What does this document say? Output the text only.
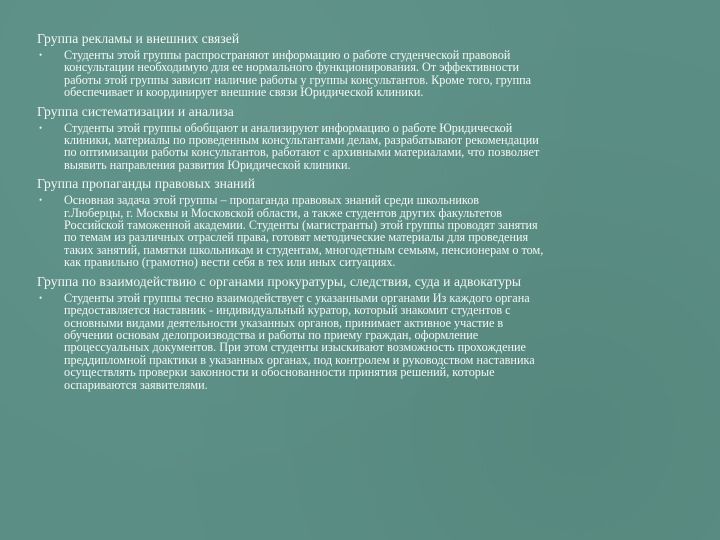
Группа рекламы и внешних связей
• Студенты этой группы распространяют информацию о работе студенческой правовой
консультации необходимую для ее нормального функционирования. От эффективности
работы этой группы зависит наличие работы у группы консультантов. Кроме того, группа
обеспечивает и координирует внешние связи Юридической клиники.
Группа систематизации и анализа
• Студенты этой группы обобщают и анализируют информацию о работе Юридической
клиники, материалы по проведенным консультантами делам, разрабатывают рекомендации
по оптимизации работы консультантов, работают с архивными материалами, что позволяет
выявить направления развития Юридической клиники.
Группа пропаганды правовых знаний
• Основная задача этой группы – пропаганда правовых знаний среди школьников
г.Люберцы, г. Москвы и Московской области, а также студентов других факультетов
Российской таможенной академии. Студенты (магистранты) этой группы проводят занятия
по темам из различных отраслей права, готовят методические материалы для проведения
таких занятий, памятки школьникам и студентам, многодетным семьям, пенсионерам о том,
как правильно (грамотно) вести себя в тех или иных ситуациях.
Группа по взаимодействию с органами прокуратуры, следствия, суда и адвокатуры
• Студенты этой группы тесно взаимодействует с указанными органами Из каждого органа
предоставляется наставник - индивидуальный куратор, который знакомит студентов с
основными видами деятельности указанных органов, принимает активное участие в
обучении основам делопроизводства и работы по приему граждан, оформление
процессуальных документов. При этом студенты изыскивают возможность прохождение
преддипломной практики в указанных органах, под контролем и руководством наставника
осуществлять проверки законности и обоснованности принятия решений, которые
оспариваются заявителями.
